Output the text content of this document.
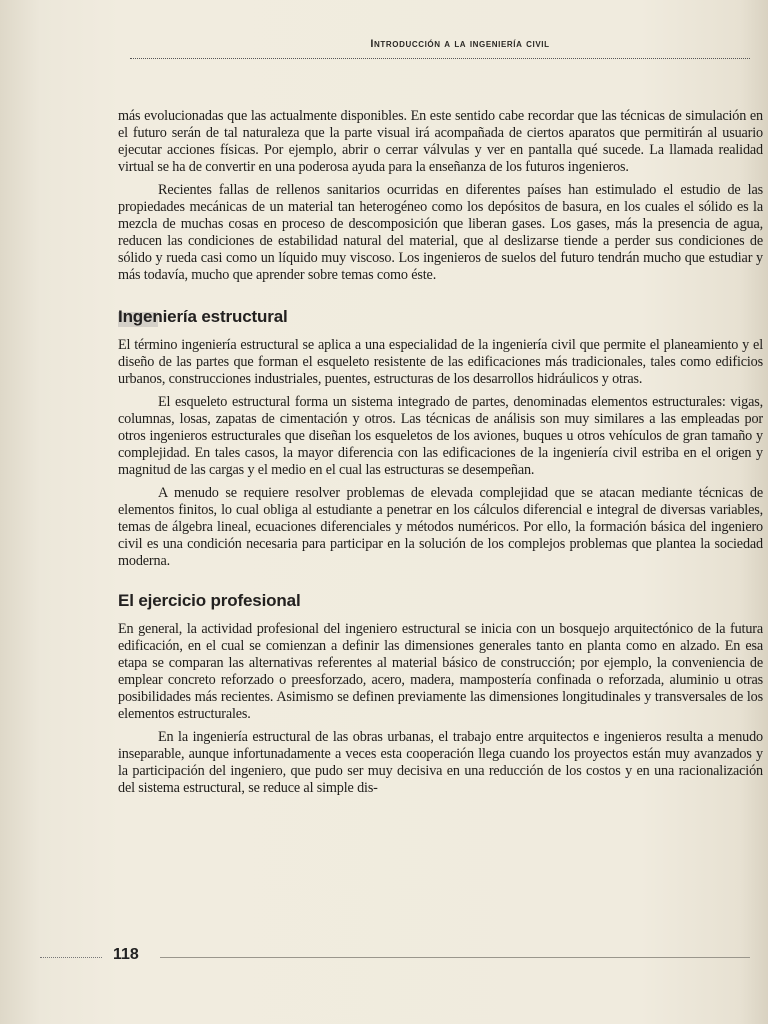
Introducción a la ingeniería civil

más evolucionadas que las actualmente disponibles. En este sentido cabe recordar que las técnicas de simulación en el futuro serán de tal naturaleza que la parte visual irá acompañada de ciertos aparatos que permitirán al usuario ejecutar acciones físicas. Por ejemplo, abrir o cerrar válvulas y ver en pantalla qué sucede. La llamada realidad virtual se ha de convertir en una poderosa ayuda para la enseñanza de los futuros ingenieros.

Recientes fallas de rellenos sanitarios ocurridas en diferentes países han estimulado el estudio de las propiedades mecánicas de un material tan heterogéneo como los depósitos de basura, en los cuales el sólido es la mezcla de muchas cosas en proceso de descomposición que liberan gases. Los gases, más la presencia de agua, reducen las condiciones de estabilidad natural del material, que al deslizarse tiende a perder sus condiciones de sólido y rueda casi como un líquido muy viscoso. Los ingenieros de suelos del futuro tendrán mucho que estudiar y más todavía, mucho que aprender sobre temas como éste.

Ingeniería estructural

El término ingeniería estructural se aplica a una especialidad de la ingeniería civil que permite el planeamiento y el diseño de las partes que forman el esqueleto resistente de las edificaciones más tradicionales, tales como edificios urbanos, construcciones industriales, puentes, estructuras de los desarrollos hidráulicos y otras.

El esqueleto estructural forma un sistema integrado de partes, denominadas elementos estructurales: vigas, columnas, losas, zapatas de cimentación y otros. Las técnicas de análisis son muy similares a las empleadas por otros ingenieros estructurales que diseñan los esqueletos de los aviones, buques u otros vehículos de gran tamaño y complejidad. En tales casos, la mayor diferencia con las edificaciones de la ingeniería civil estriba en el origen y magnitud de las cargas y el medio en el cual las estructuras se desempeñan.

A menudo se requiere resolver problemas de elevada complejidad que se atacan mediante técnicas de elementos finitos, lo cual obliga al estudiante a penetrar en los cálculos diferencial e integral de diversas variables, temas de álgebra lineal, ecuaciones diferenciales y métodos numéricos. Por ello, la formación básica del ingeniero civil es una condición necesaria para participar en la solución de los complejos problemas que plantea la sociedad moderna.

El ejercicio profesional

En general, la actividad profesional del ingeniero estructural se inicia con un bosquejo arquitectónico de la futura edificación, en el cual se comienzan a definir las dimensiones generales tanto en planta como en alzado. En esa etapa se comparan las alternativas referentes al material básico de construcción; por ejemplo, la conveniencia de emplear concreto reforzado o preesforzado, acero, madera, mampostería confinada o reforzada, aluminio u otras posibilidades más recientes. Asimismo se definen previamente las dimensiones longitudinales y transversales de los elementos estructurales.

En la ingeniería estructural de las obras urbanas, el trabajo entre arquitectos e ingenieros resulta a menudo inseparable, aunque infortunadamente a veces esta cooperación llega cuando los proyectos están muy avanzados y la participación del ingeniero, que pudo ser muy decisiva en una reducción de los costos y en una racionalización del sistema estructural, se reduce al simple dis-

118
